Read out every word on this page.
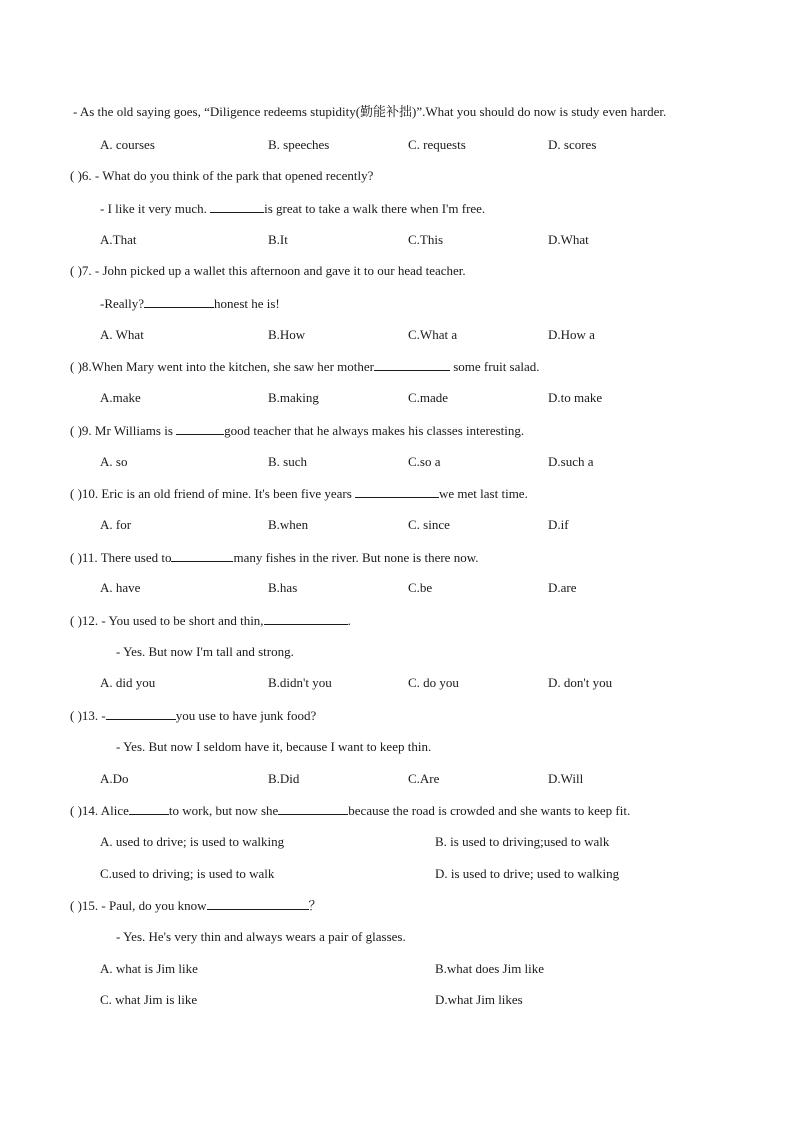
- As the old saying goes, “Diligence redeems stupidity(勤能补拙)”.What you should do now is study even harder.
A. courses	B. speeches	C. requests	D. scores
( )6. - What do you think of the park that opened recently?
- I like it very much.	is great to take a walk there when I'm free.
A.That	B.It	C.This	D.What
( )7. - John picked up a wallet this afternoon and gave it to our head teacher.
-Really?	honest he is!
A. What	B.How	C.What a	D.How a
( )8.When Mary went into the kitchen, she saw her mother	some fruit salad.
A.make	B.making	C.made	D.to make
( )9. Mr Williams is	good teacher that he always makes his classes interesting.
A. so	B. such	C.so a	D.such a
( )10. Eric is an old friend of mine. It's been five years	we met last time.
A. for	B.when	C. since	D.if
( )11. There used to	many fishes in the river. But none is there now.
A. have	B.has	C.be	D.are
( )12. - You used to be short and thin,	.
- Yes. But now I'm tall and strong.
A. did you	B.didn't you	C. do you	D. don't you
( )13. -	you use to have junk food?
- Yes. But now I seldom have it, because I want to keep thin.
A.Do	B.Did	C.Are	D.Will
( )14. Alice	to work, but now she	because the road is crowded and she wants to keep fit.
A. used to drive; is used to walking	B. is used to driving;used to walk
C.used to driving; is used to walk	D. is used to drive; used to walking
( )15. - Paul, do you know	？
- Yes. He's very thin and always wears a pair of glasses.
A. what is Jim like	B.what does Jim like
C. what Jim is like	D.what Jim likes
